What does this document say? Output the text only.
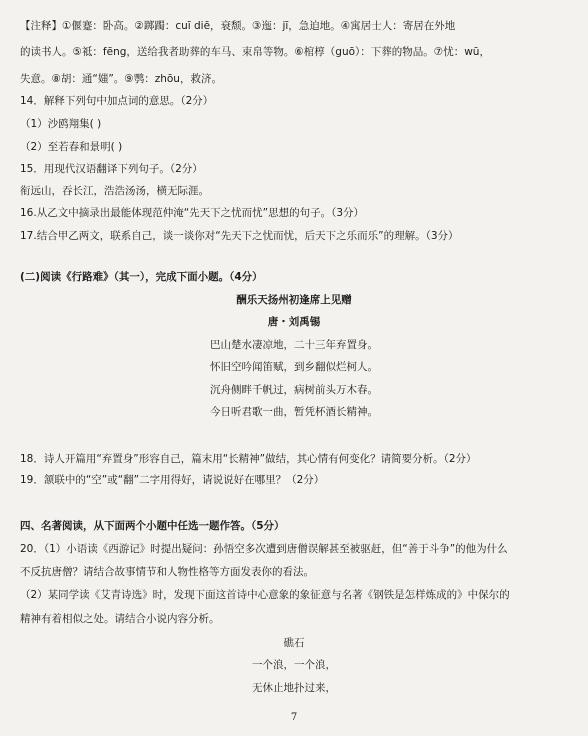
【注释】①偃蹇：卧高。②踯躅：cuī diē，衰颓。③迤：jī，急迫地。④寓居士人：寄居在外地
的读书人。⑤祗：fēng，送给我者助葬的车马、束帛等物。⑥棺椁（guō）：下葬的物品。⑦忧：wū，
失意。⑧胡：通“媸”。⑨鹗：zhōu，救济。
14．解释下列句中加点词的意思。（2分）
（1）沙鸥翔集( )
（2）至若春和景明( )
15．用现代汉语翻译下列句子。（2分）
衔远山，吞长江，浩浩汤汤，横无际涯。
16.从乙文中摘录出最能体现范仲淹“先天下之忧而忧”思想的句子。（3分）
17.结合甲乙两文，联系自己，谈一谈你对“先天下之忧而忧，后天下之乐而乐”的理解。（3分）
(二)阅读《行路难》（其一），完成下面小题。（4分）
酬乐天扬州初逢席上见赠
唐・刘禹锡
巴山楚水凄凉地，二十三年弃置身。
怀旧空吟闻笛赋，到乡翻似烂柯人。
沉舟侧畔千帆过，病树前头万木春。
今日听君歌一曲，暂凭杯酒长精神。
18．诗人开篇用“弃置身”形容自己，篇末用“长精神”做结，其心情有何变化？请简要分析。（2分）
19．颔联中的“空”或“翻”二字用得好，请说说好在哪里？（2分）
四、名著阅读，从下面两个小题中任选一题作答。（5分）
20．（1）小语读《西游记》时提出疑问：孙悟空多次遭到唐僧误解甚至被驱赶，但“善于斗争”的他为什么
不反抗唐僧？请结合故事情节和人物性格等方面发表你的看法。
（2）某同学读《艾青诗选》时，发现下面这首诗中心意象的象征意与名著《钢铁是怎样炼成的》中保尔的
精神有着相似之处。请结合小说内容分析。
礁石
一个浪，一个浪，
无休止地扑过来，
7
